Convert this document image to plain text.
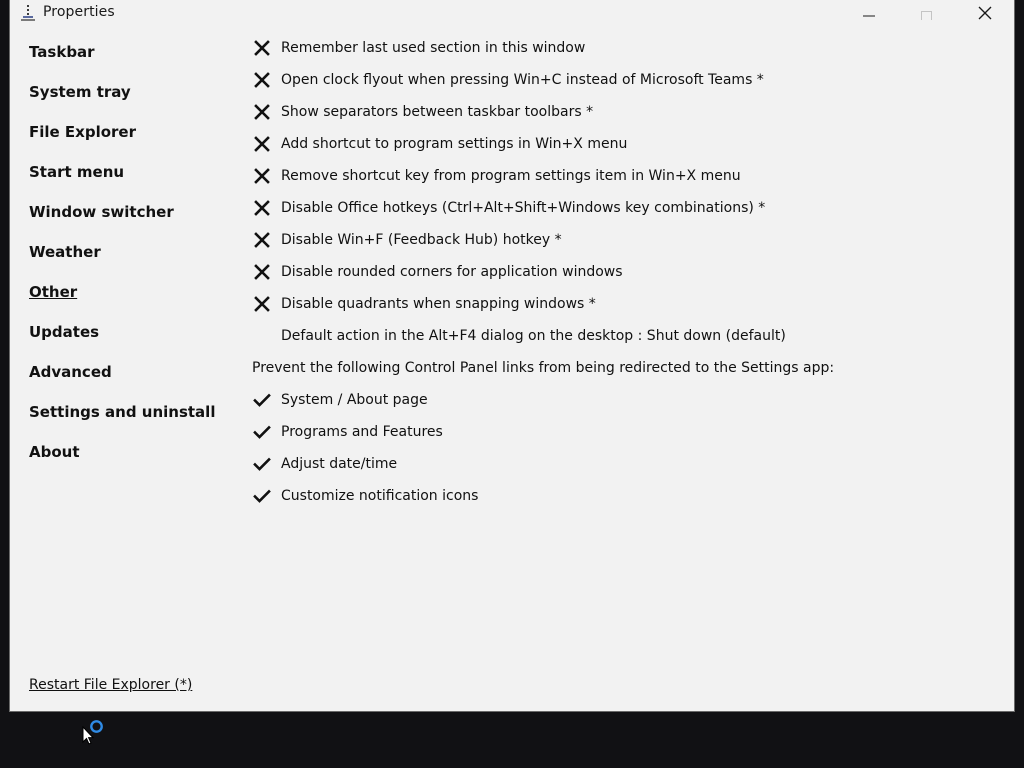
Properties
Taskbar
System tray
File Explorer
Start menu
Window switcher
Weather
Other
Updates
Advanced
Settings and uninstall
About
Restart File Explorer (*)
Remember last used section in this window
Open clock flyout when pressing Win+C instead of Microsoft Teams *
Show separators between taskbar toolbars *
Add shortcut to program settings in Win+X menu
Remove shortcut key from program settings item in Win+X menu
Disable Office hotkeys (Ctrl+Alt+Shift+Windows key combinations) *
Disable Win+F (Feedback Hub) hotkey *
Disable rounded corners for application windows
Disable quadrants when snapping windows *
Default action in the Alt+F4 dialog on the desktop : Shut down (default)
Prevent the following Control Panel links from being redirected to the Settings app:
System / About page
Programs and Features
Adjust date/time
Customize notification icons
